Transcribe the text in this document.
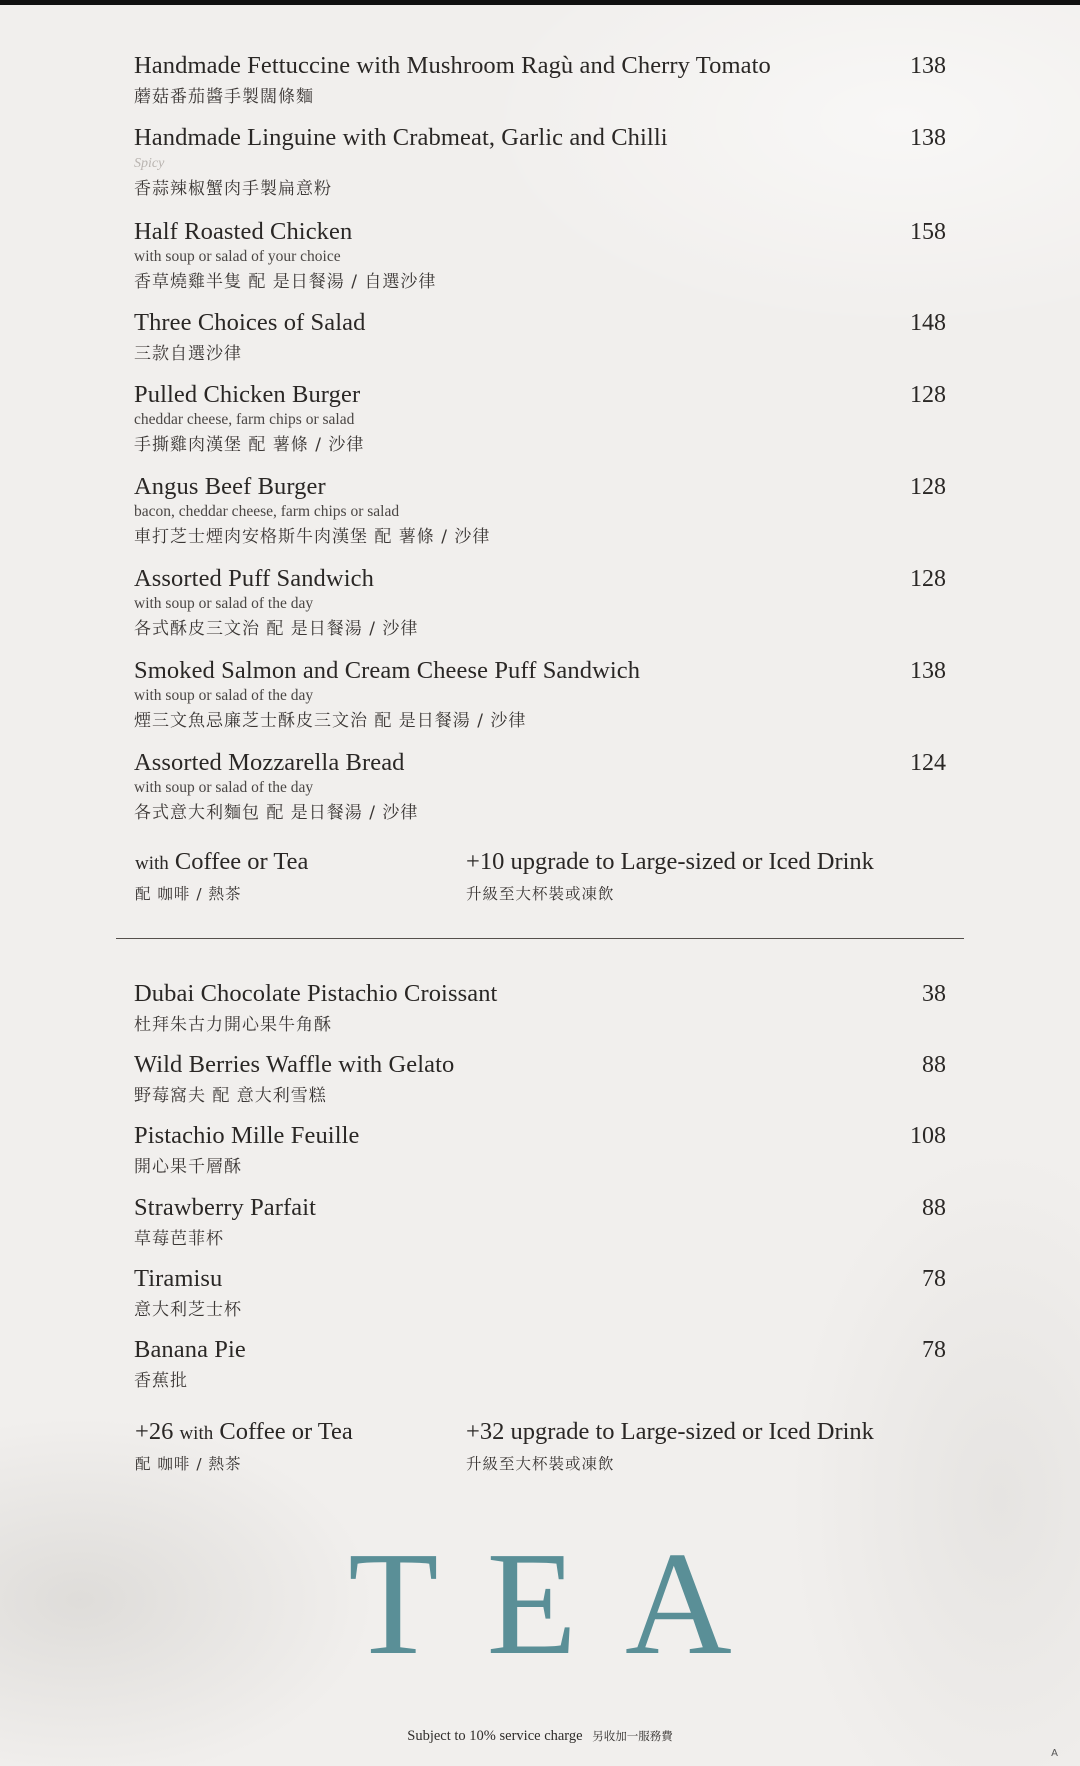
Handmade Fettuccine with Mushroom Ragù and Cherry Tomato	138
蘑菇番茄醬手製闊條麵
Handmade Linguine with Crabmeat, Garlic and Chilli	138
Spicy
香蒜辣椒蟹肉手製扁意粉
Half Roasted Chicken	158
with soup or salad of your choice
香草燒雞半隻 配 是日餐湯 / 自選沙律
Three Choices of Salad	148
三款自選沙律
Pulled Chicken Burger	128
cheddar cheese, farm chips or salad
手撕雞肉漢堡 配 薯條 / 沙律
Angus Beef Burger	128
bacon, cheddar cheese, farm chips or salad
車打芝士煙肉安格斯牛肉漢堡 配 薯條 / 沙律
Assorted Puff Sandwich	128
with soup or salad of the day
各式酥皮三文治 配 是日餐湯 / 沙律
Smoked Salmon and Cream Cheese Puff Sandwich	138
with soup or salad of the day
煙三文魚忌廉芝士酥皮三文治 配 是日餐湯 / 沙律
Assorted Mozzarella Bread	124
with soup or salad of the day
各式意大利麵包 配 是日餐湯 / 沙律
with Coffee or Tea
配 咖啡 / 熱茶
+10 upgrade to Large-sized or Iced Drink
升級至大杯裝或凍飲
Dubai Chocolate Pistachio Croissant	38
杜拜朱古力開心果牛角酥
Wild Berries Waffle with Gelato	88
野莓窩夫 配 意大利雪糕
Pistachio Mille Feuille	108
開心果千層酥
Strawberry Parfait	88
草莓芭菲杯
Tiramisu	78
意大利芝士杯
Banana Pie	78
香蕉批
+26 with Coffee or Tea
配 咖啡 / 熱茶
+32 upgrade to Large-sized or Iced Drink
升級至大杯裝或凍飲
TEA
Subject to 10% service charge 另收加一服務費
A
